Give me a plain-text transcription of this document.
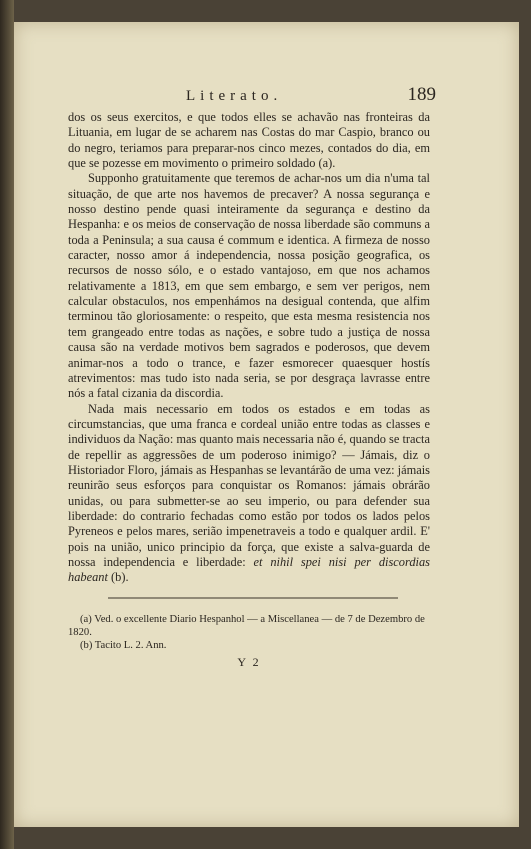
Literato.	189

dos os seus exercitos, e que todos elles se achavão nas fronteiras da Lituania, em lugar de se acharem nas Costas do mar Caspio, branco ou do negro, teriamos para preparar-nos cinco mezes, contados do dia, em que se pozesse em movimento o primeiro soldado (a).

Supponho gratuitamente que teremos de achar-nos um dia n'uma tal situação, de que arte nos havemos de precaver? A nossa segurança e nosso destino pende quasi inteiramente da segurança e destino da Hespanha: e os meios de conservação de nossa liberdade são communs a toda a Peninsula; a sua causa é commum e identica. A firmeza de nosso caracter, nosso amor á independencia, nossa posição geografica, os recursos de nosso sólo, e o estado vantajoso, em que nos achamos relativamente a 1813, em que sem embargo, e sem ver perigos, nem calcular obstaculos, nos empenhámos na desigual contenda, que alfim terminou tão gloriosamente: o respeito, que esta mesma resistencia nos tem grangeado entre todas as nações, e sobre tudo a justiça de nossa causa são na verdade motivos bem sagrados e poderosos, que devem animar-nos a todo o trance, e fazer esmorecer quaesquer hostís atrevimentos: mas tudo isto nada seria, se por desgraça lavrasse entre nós a fatal cizania da discordia.

Nada mais necessario em todos os estados e em todas as circumstancias, que uma franca e cordeal união entre todas as classes e individuos da Nação: mas quanto mais necessaria não é, quando se tracta de repellir as aggressões de um poderoso inimigo? — Jámais, diz o Historiador Floro, jámais as Hespanhas se levantárão de uma vez: jámais reunirão seus esforços para conquistar os Romanos: jámais obrárão unidas, ou para submetter-se ao seu imperio, ou para defender sua liberdade: do contrario fechadas como estão por todos os lados pelos Pyreneos e pelos mares, serião impenetraveis a todo e qualquer ardil. E' pois na união, unico principio da força, que existe a salva-guarda de nossa independencia e liberdade: et nihil spei nisi per discordias habeant (b).

(a) Ved. o excellente Diario Hespanhol — a Miscellanea — de 7 de Dezembro de 1820.

(b) Tacito L. 2. Ann.

Y 2
